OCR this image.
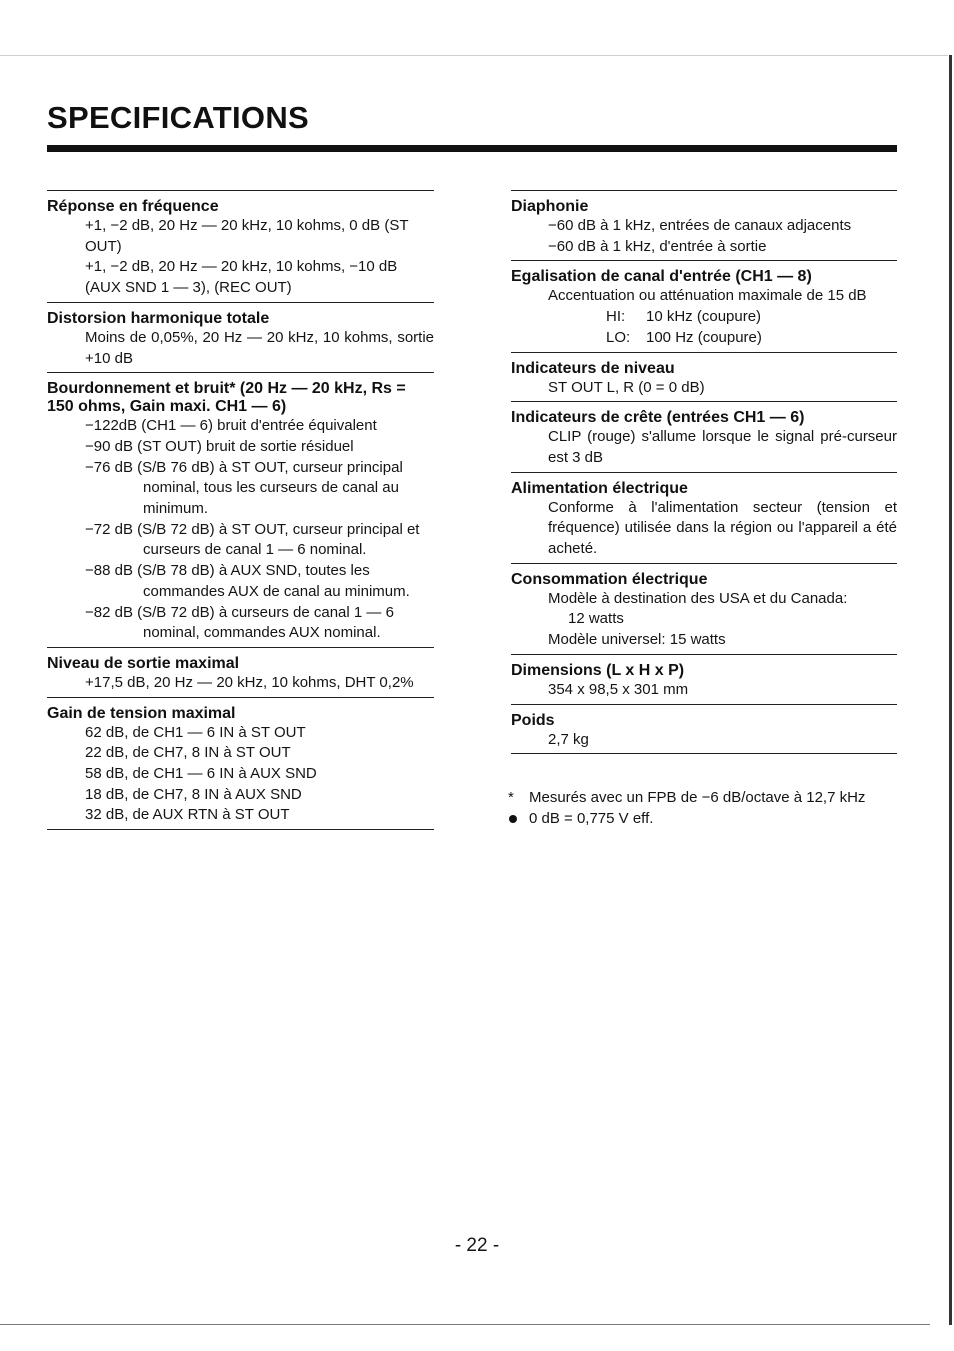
SPECIFICATIONS
Réponse en fréquence

+1, −2 dB, 20 Hz — 20 kHz, 10 kohms, 0 dB (ST OUT)

+1, −2 dB, 20 Hz — 20 kHz, 10 kohms, −10 dB (AUX SND 1 — 3), (REC OUT)

Distorsion harmonique totale

Moins de 0,05%, 20 Hz — 20 kHz, 10 kohms, sortie +10 dB

Bourdonnement et bruit* (20 Hz — 20 kHz, Rs = 150 ohms, Gain maxi. CH1 — 6)

−122dB (CH1 — 6) bruit d'entrée équivalent

−90 dB (ST OUT) bruit de sortie résiduel

−76 dB (S/B 76 dB) à ST OUT, curseur principal nominal, tous les curseurs de canal au minimum.

−72 dB (S/B 72 dB) à ST OUT, curseur principal et curseurs de canal 1 — 6 nominal.

−88 dB (S/B 78 dB) à AUX SND, toutes les commandes AUX de canal au minimum.

−82 dB (S/B 72 dB) à curseurs de canal 1 — 6 nominal, commandes AUX nominal.

Niveau de sortie maximal

+17,5 dB, 20 Hz — 20 kHz, 10 kohms, DHT 0,2%

Gain de tension maximal

62 dB, de CH1 — 6 IN à ST OUT

22 dB, de CH7, 8 IN à ST OUT

58 dB, de CH1 — 6 IN à AUX SND

18 dB, de CH7, 8 IN à AUX SND

32 dB, de AUX RTN à ST OUT

Diaphonie

−60 dB à 1 kHz, entrées de canaux adjacents

−60 dB à 1 kHz, d'entrée à sortie

Egalisation de canal d'entrée (CH1 — 8)

Accentuation ou atténuation maximale de 15 dB

HI:	10 kHz (coupure)
LO:	100 Hz (coupure)
Indicateurs de niveau

ST OUT L, R (0 = 0 dB)

Indicateurs de crête (entrées CH1 — 6)

CLIP (rouge) s'allume lorsque le signal pré-curseur est 3 dB

Alimentation électrique

Conforme à l'alimentation secteur (tension et fréquence) utilisée dans la région ou l'appareil a été acheté.

Consommation électrique

Modèle à destination des USA et du Canada:

12 watts

Modèle universel: 15 watts

Dimensions (L x H x P)

354 x 98,5 x 301 mm

Poids

2,7 kg

*	Mesurés avec un FPB de −6 dB/octave à 12,7 kHz
0 dB = 0,775 V eff.
- 22 -
